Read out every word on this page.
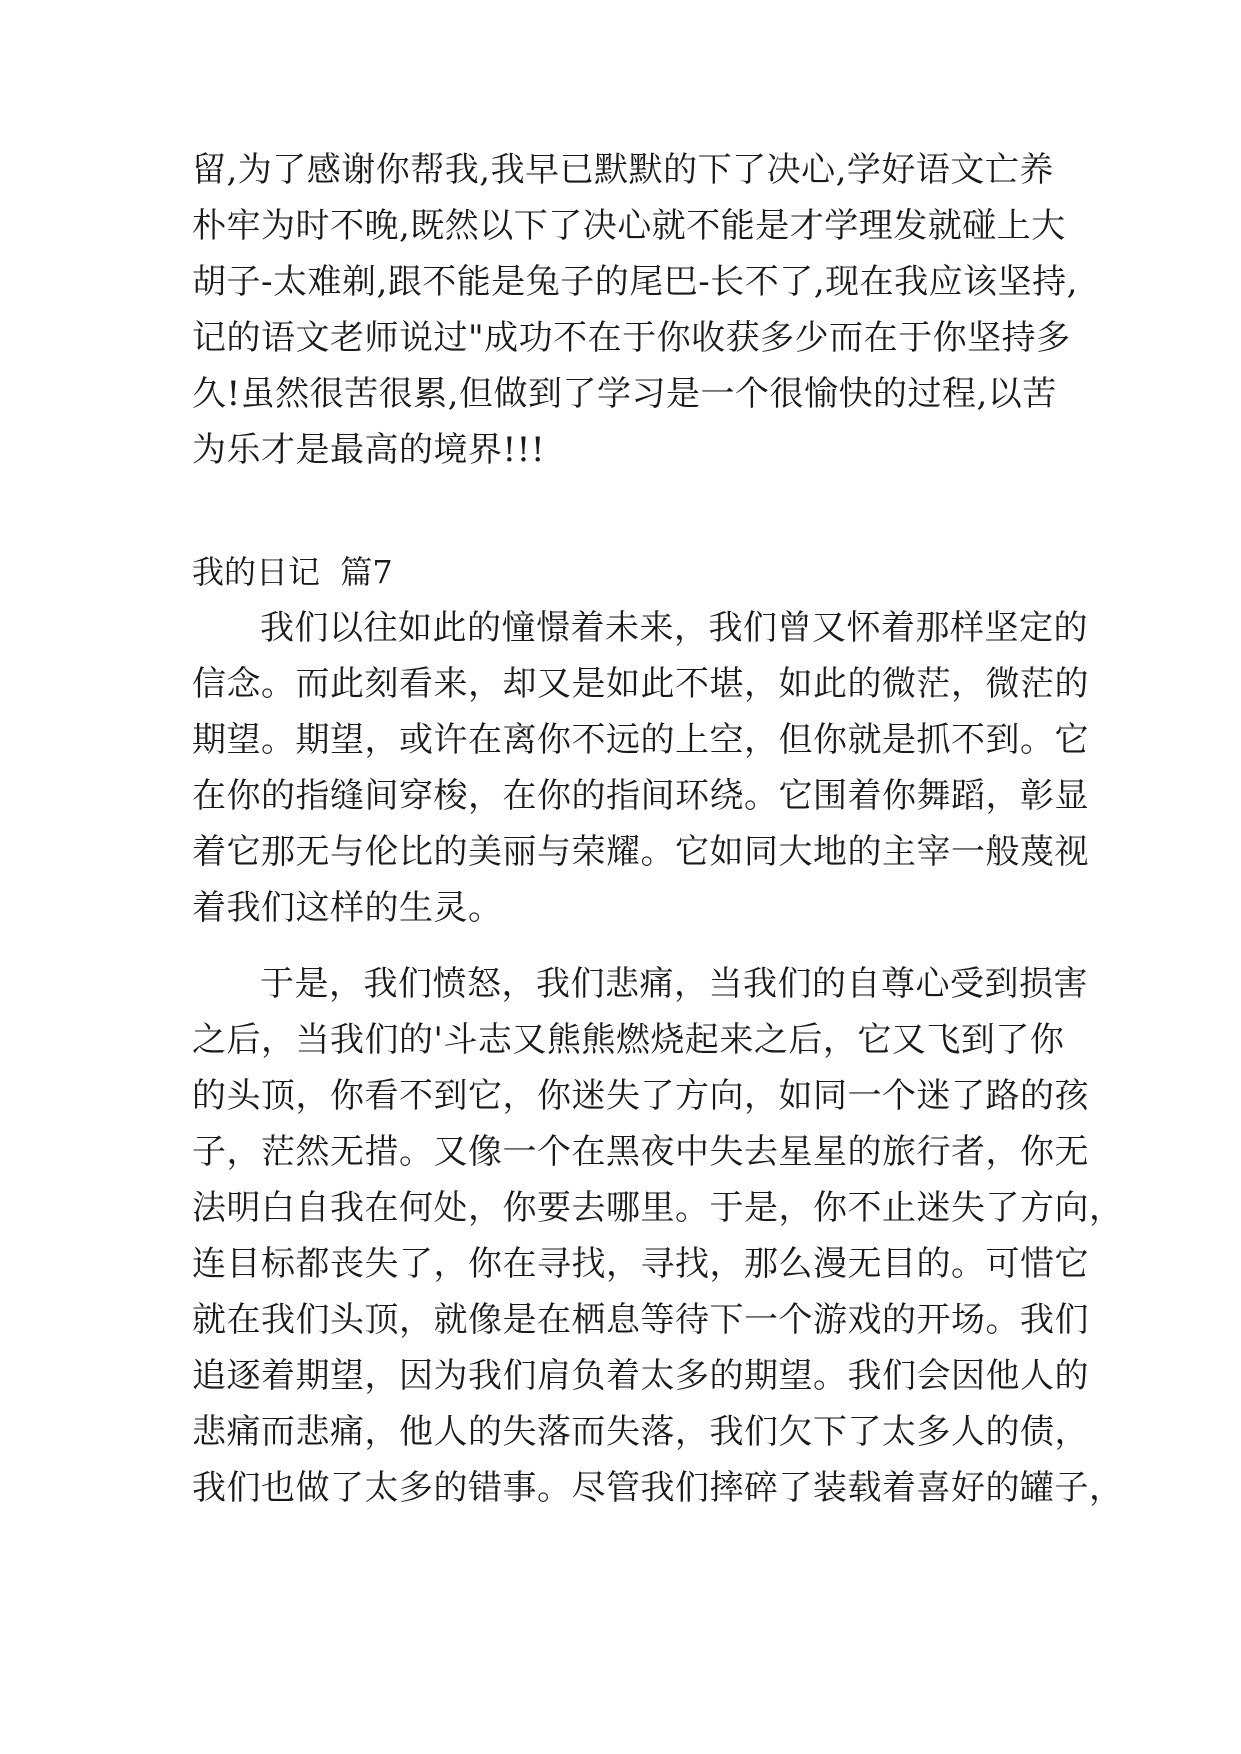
留,为了感谢你帮我,我早已默默的下了决心,学好语文亡养
朴牢为时不晚,既然以下了决心就不能是才学理发就碰上大
胡子-太难剃,跟不能是兔子的尾巴-长不了,现在我应该坚持,
记的语文老师说过"成功不在于你收获多少而在于你坚持多
久!虽然很苦很累,但做到了学习是一个很愉快的过程,以苦
为乐才是最高的境界!!!
我的日记  篇7
我们以往如此的憧憬着未来，我们曾又怀着那样坚定的
信念。而此刻看来，却又是如此不堪，如此的微茫，微茫的
期望。期望，或许在离你不远的上空，但你就是抓不到。它
在你的指缝间穿梭，在你的指间环绕。它围着你舞蹈，彰显
着它那无与伦比的美丽与荣耀。它如同大地的主宰一般蔑视
着我们这样的生灵。
于是，我们愤怒，我们悲痛，当我们的自尊心受到损害
之后，当我们的'斗志又熊熊燃烧起来之后，它又飞到了你
的头顶，你看不到它，你迷失了方向，如同一个迷了路的孩
子，茫然无措。又像一个在黑夜中失去星星的旅行者，你无
法明白自我在何处，你要去哪里。于是，你不止迷失了方向，
连目标都丧失了，你在寻找，寻找，那么漫无目的。可惜它
就在我们头顶，就像是在栖息等待下一个游戏的开场。我们
追逐着期望，因为我们肩负着太多的期望。我们会因他人的
悲痛而悲痛，他人的失落而失落，我们欠下了太多人的债，
我们也做了太多的错事。尽管我们摔碎了装载着喜好的罐子，
